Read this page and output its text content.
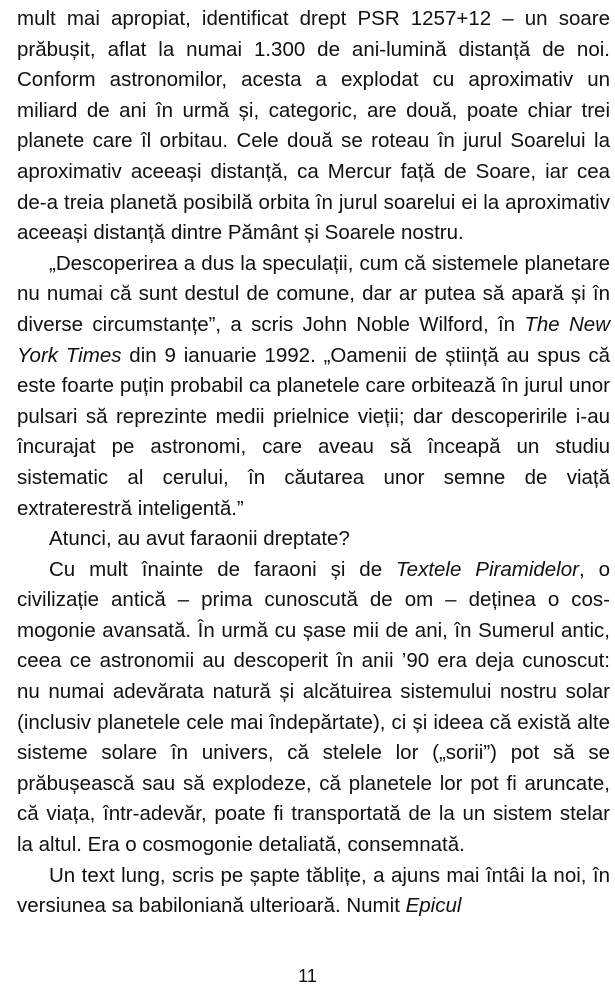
mult mai apropiat, identificat drept PSR 1257+12 – un soare prăbușit, aflat la numai 1.300 de ani-lumină distanță de noi. Conform astronomilor, acesta a explodat cu aproximativ un miliard de ani în urmă și, categoric, are două, poate chiar trei planete care îl orbitau. Cele două se roteau în jurul Soarelui la aproximativ aceeași distanță, ca Mercur față de Soare, iar cea de-a treia planetă posibilă orbita în jurul soarelui ei la aproximativ aceeași distanță dintre Pământ și Soarele nostru.

„Descoperirea a dus la speculații, cum că sistemele planetare nu numai că sunt destul de comune, dar ar putea să apară și în diverse circumstanțe”, a scris John Noble Wilford, în The New York Times din 9 ianuarie 1992. „Oamenii de știință au spus că este foarte puțin probabil ca planetele care orbitează în jurul unor pulsari să reprezinte medii prielnice vieții; dar descoperirile i-au încurajat pe astronomi, care aveau să înceapă un studiu sistematic al cerului, în căutarea unor semne de viață extraterestră inteligentă.”

Atunci, au avut faraonii dreptate?

Cu mult înainte de faraoni și de Textele Piramidelor, o civilizație antică – prima cunoscută de om – deținea o cosmogonie avansată. În urmă cu șase mii de ani, în Sumerul antic, ceea ce astronomii au descoperit în anii ’90 era deja cunoscut: nu numai adevărata natură și alcătuirea sistemului nostru solar (inclusiv planetele cele mai îndepărtate), ci și ideea că există alte sisteme solare în univers, că stelele lor („sorii”) pot să se prăbușească sau să explodeze, că planetele lor pot fi aruncate, că viața, într-adevăr, poate fi transportată de la un sistem stelar la altul. Era o cosmogonie detaliată, consemnată.

Un text lung, scris pe șapte tăblițe, a ajuns mai întâi la noi, în versiunea sa babiloniană ulterioară. Numit Epicul

11
